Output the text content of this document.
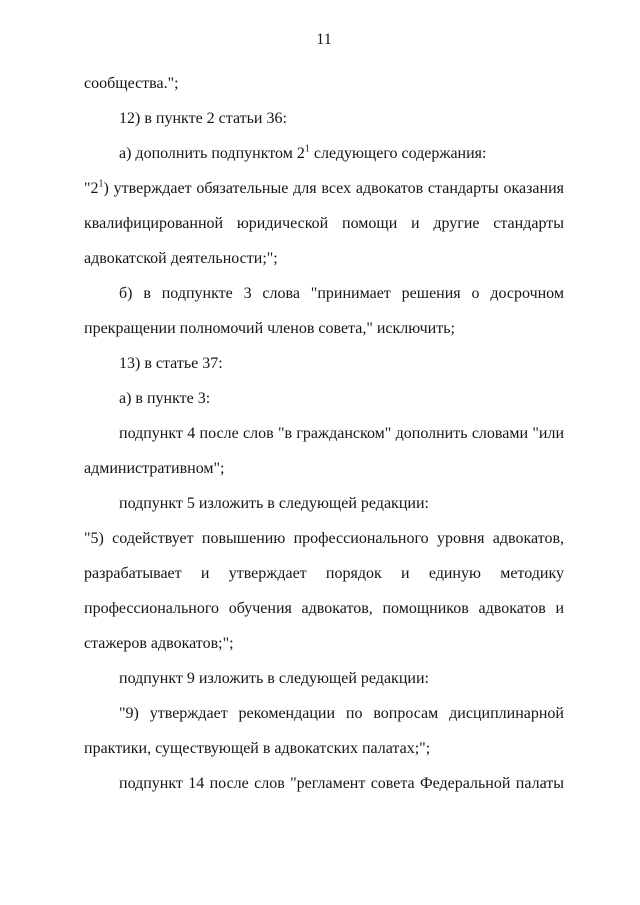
11

сообщества.";

12) в пункте 2 статьи 36:

а) дополнить подпунктом $2^1$ следующего содержания:

"$2^1$) утверждает обязательные для всех адвокатов стандарты оказания
квалифицированной юридической помощи и другие стандарты
адвокатской деятельности;";

б) в подпункте 3 слова "принимает решения о досрочном
прекращении полномочий членов совета," исключить;

13) в статье 37:

а) в пункте 3:

подпункт 4 после слов "в гражданском" дополнить словами "или
административном";

подпункт 5 изложить в следующей редакции:

"5) содействует повышению профессионального уровня адвокатов,
разрабатывает и утверждает порядок и единую методику
профессионального обучения адвокатов, помощников адвокатов и
стажеров адвокатов;";

подпункт 9 изложить в следующей редакции:

"9) утверждает рекомендации по вопросам дисциплинарной
практики, существующей в адвокатских палатах;";

подпункт 14 после слов "регламент совета Федеральной палаты
